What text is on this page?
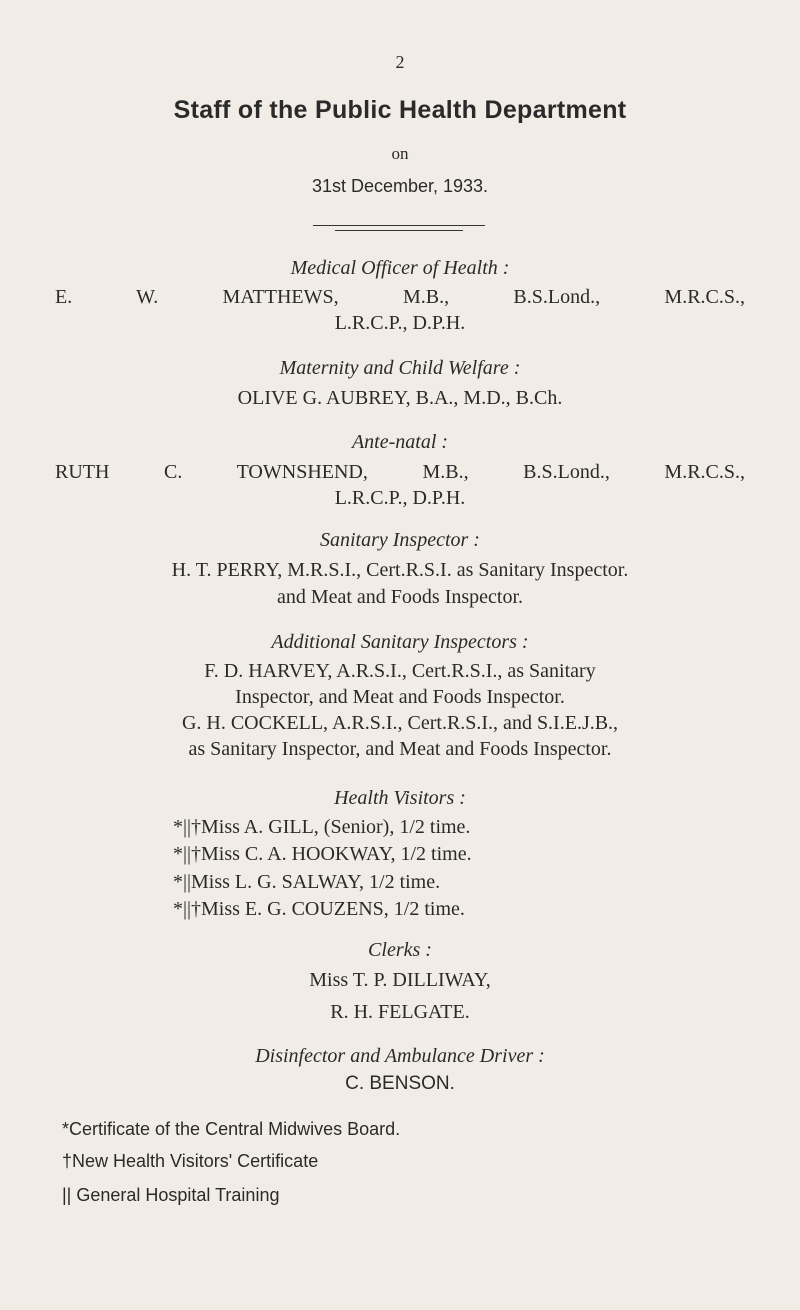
2
Staff of the Public Health Department
on
31st December, 1933.
Medical Officer of Health :
E. W. MATTHEWS, M.B., B.S.Lond., M.R.C.S.,
L.R.C.P., D.P.H.
Maternity and Child Welfare :
OLIVE G. AUBREY, B.A., M.D., B.Ch.
Ante-natal :
RUTH C. TOWNSHEND, M.B., B.S.Lond., M.R.C.S.,
L.R.C.P., D.P.H.
Sanitary Inspector :
H. T. PERRY, M.R.S.I., Cert.R.S.I. as Sanitary Inspector.
and Meat and Foods Inspector.
Additional Sanitary Inspectors :
F. D. HARVEY, A.R.S.I., Cert.R.S.I., as Sanitary
Inspector, and Meat and Foods Inspector.
G. H. COCKELL, A.R.S.I., Cert.R.S.I., and S.I.E.J.B.,
as Sanitary Inspector, and Meat and Foods Inspector.
Health Visitors :
*||†Miss A. GILL, (Senior), 1/2 time.
*||†Miss C. A. HOOKWAY, 1/2 time.
*||Miss L. G. SALWAY, 1/2 time.
*||†Miss E. G. COUZENS, 1/2 time.
Clerks :
Miss T. P. DILLIWAY,
R. H. FELGATE.
Disinfector and Ambulance Driver :
C. BENSON.
*Certificate of the Central Midwives Board.
†New Health Visitors' Certificate
|| General Hospital Training
